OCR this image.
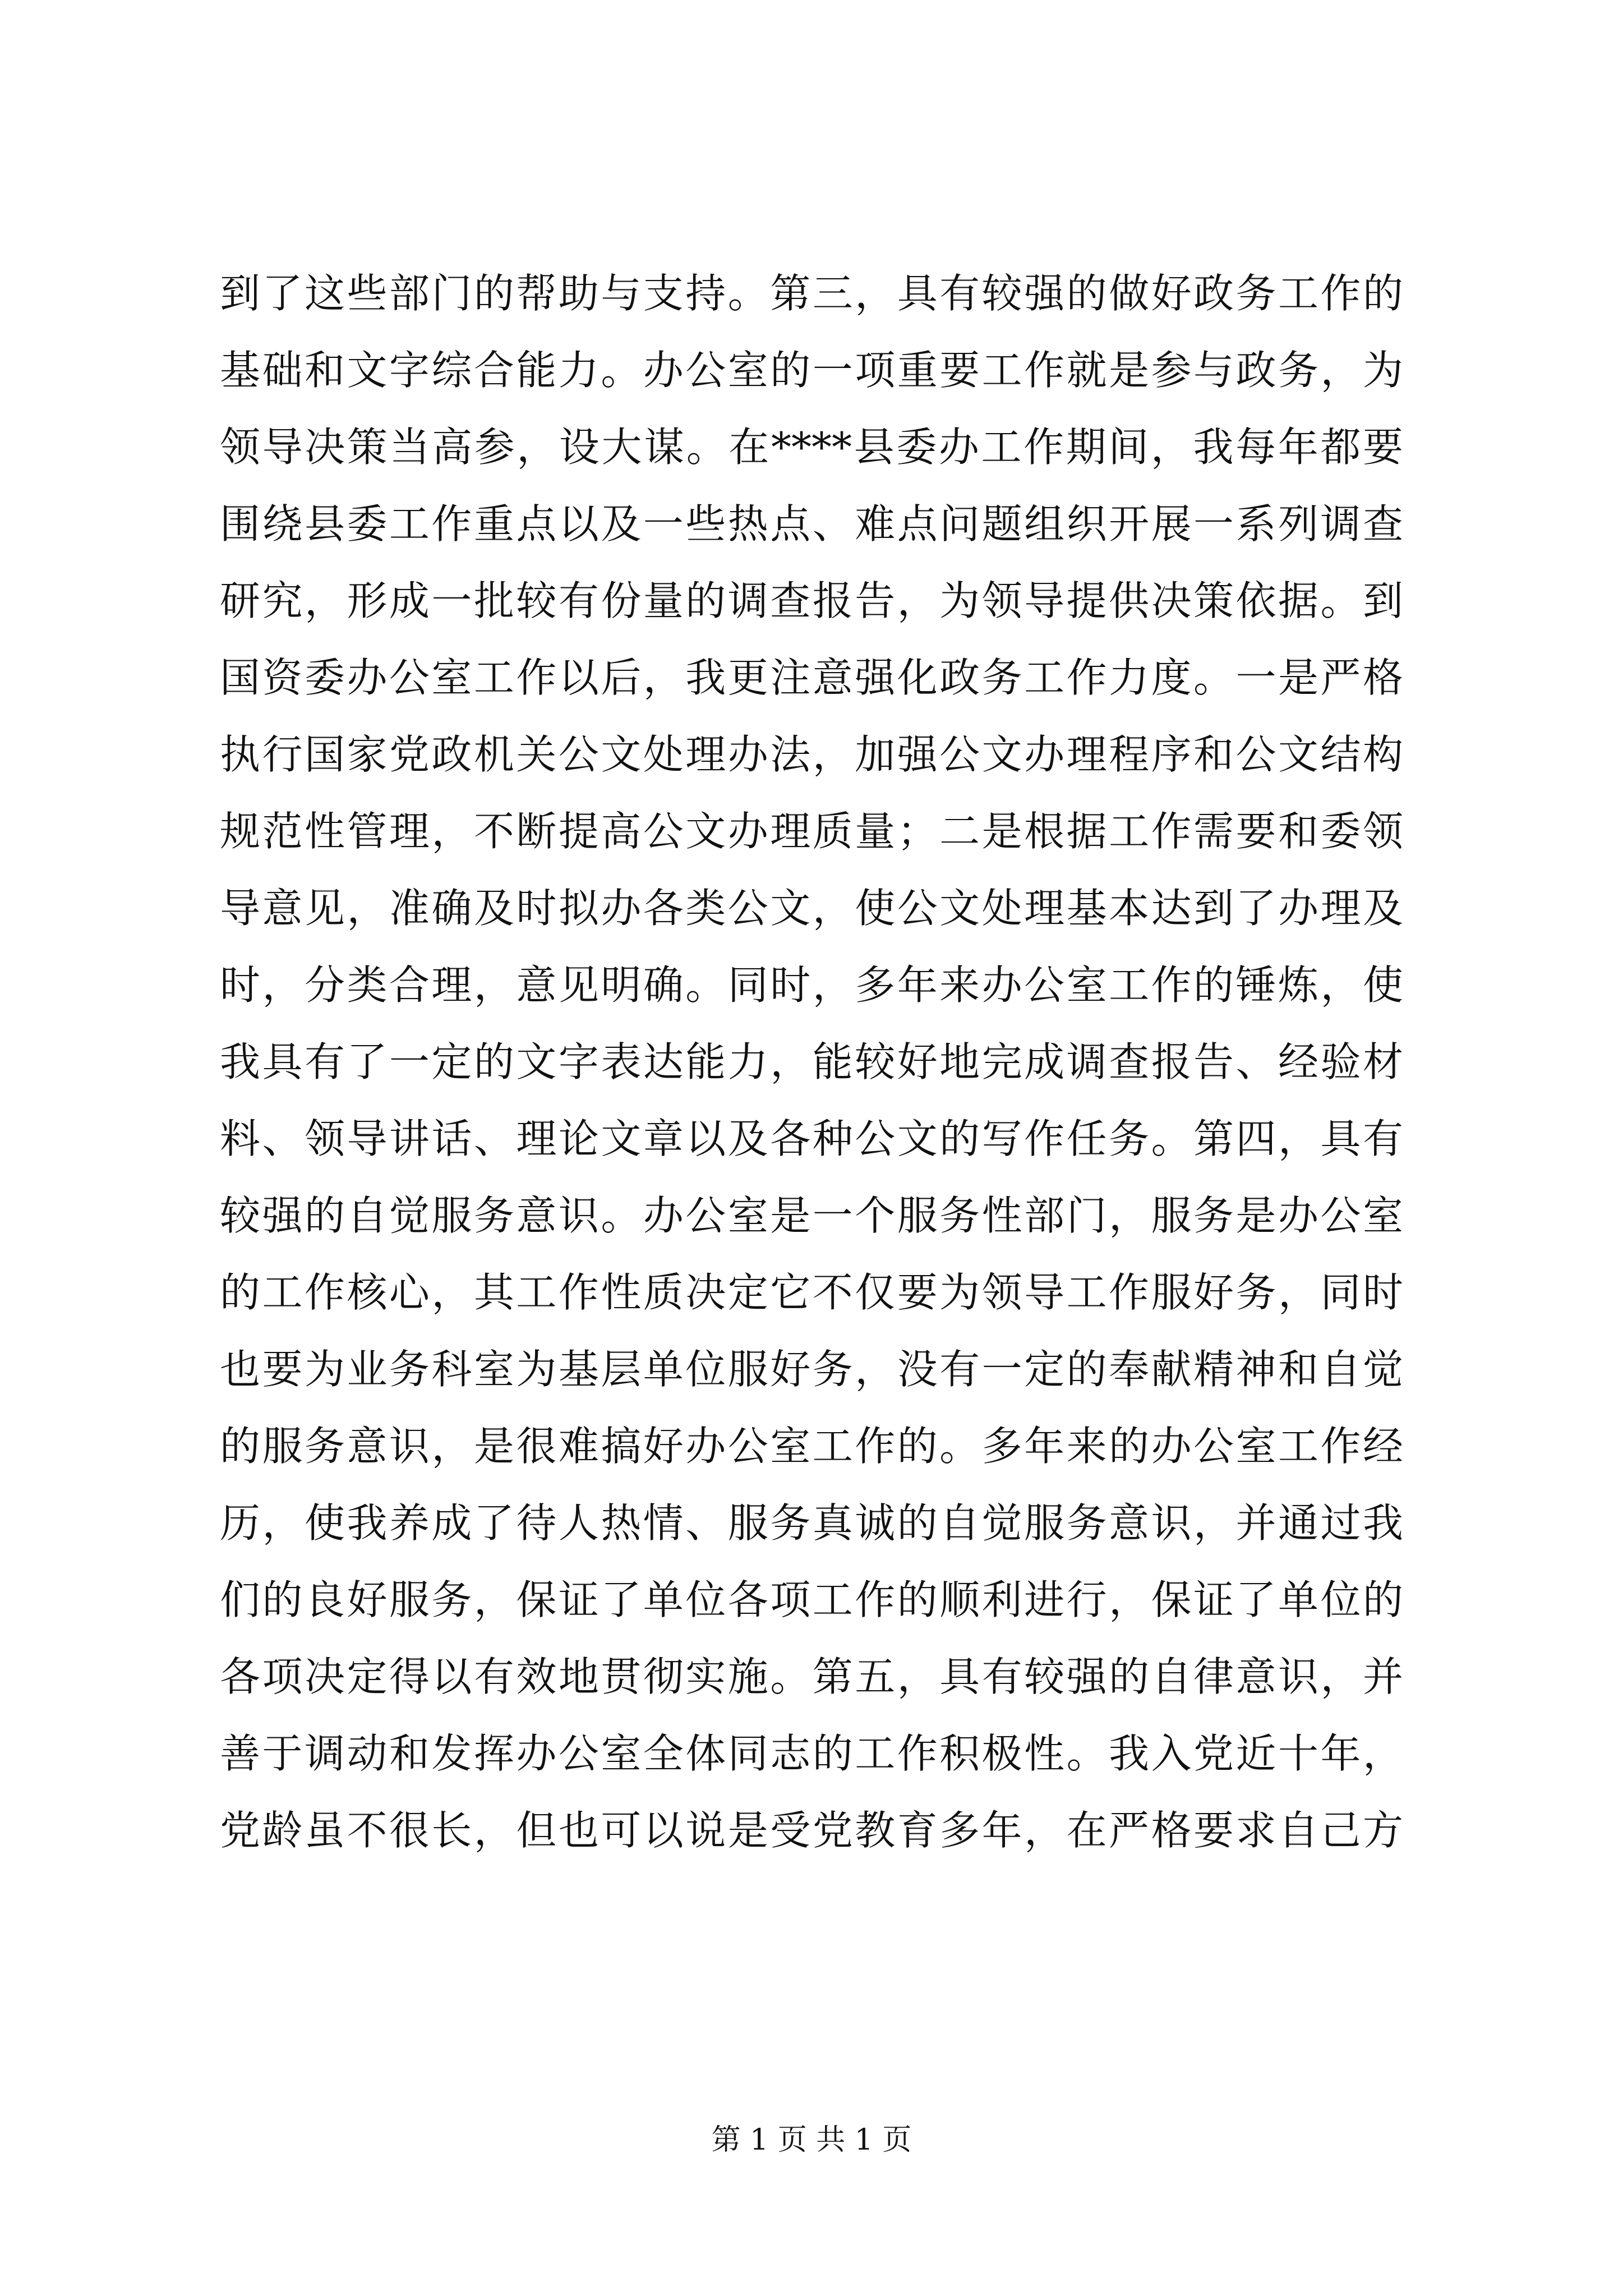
到了这些部门的帮助与支持。第三，具有较强的做好政务工作的
基础和文字综合能力。办公室的一项重要工作就是参与政务，为
领导决策当高参，设大谋。在****县委办工作期间，我每年都要
围绕县委工作重点以及一些热点、难点问题组织开展一系列调查
研究，形成一批较有份量的调查报告，为领导提供决策依据。到
国资委办公室工作以后，我更注意强化政务工作力度。一是严格
执行国家党政机关公文处理办法，加强公文办理程序和公文结构
规范性管理，不断提高公文办理质量；二是根据工作需要和委领
导意见，准确及时拟办各类公文，使公文处理基本达到了办理及
时，分类合理，意见明确。同时，多年来办公室工作的锤炼，使
我具有了一定的文字表达能力，能较好地完成调查报告、经验材
料、领导讲话、理论文章以及各种公文的写作任务。第四，具有
较强的自觉服务意识。办公室是一个服务性部门，服务是办公室
的工作核心，其工作性质决定它不仅要为领导工作服好务，同时
也要为业务科室为基层单位服好务，没有一定的奉献精神和自觉
的服务意识，是很难搞好办公室工作的。多年来的办公室工作经
历，使我养成了待人热情、服务真诚的自觉服务意识，并通过我
们的良好服务，保证了单位各项工作的顺利进行，保证了单位的
各项决定得以有效地贯彻实施。第五，具有较强的自律意识，并
善于调动和发挥办公室全体同志的工作积极性。我入党近十年，
党龄虽不很长，但也可以说是受党教育多年，在严格要求自己方
第 1 页 共 1 页
